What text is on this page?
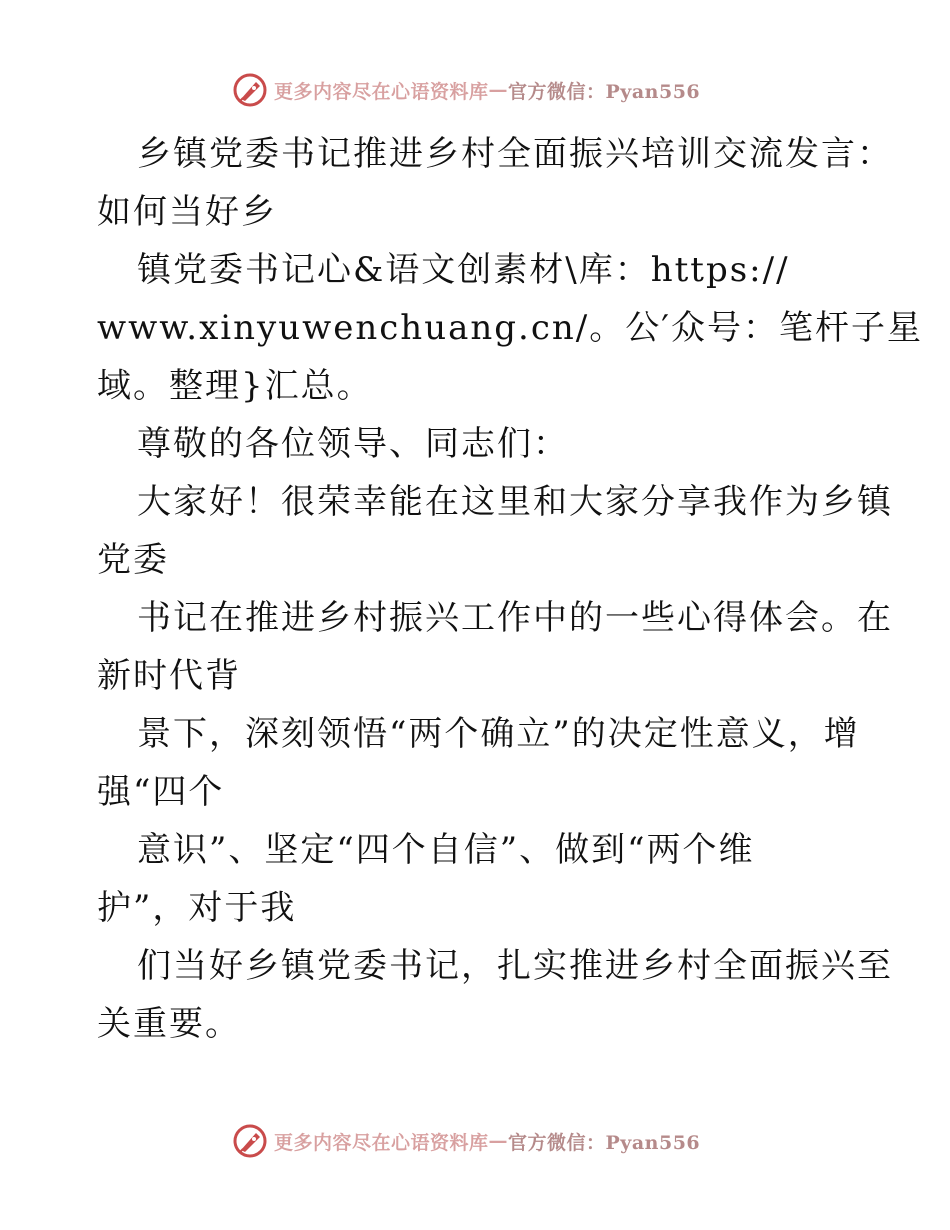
更多内容尽在心语资料库 — 官方微信：Pyan556
乡镇党委书记推进乡村全面振兴培训交流发言：
如何当好乡
镇党委书记心&语文创素材\库：https://
www.xinyuwenchuang.cn/。公′众号：笔杆子星
域。整理}汇总。
尊敬的各位领导、同志们：
大家好！很荣幸能在这里和大家分享我作为乡镇
党委
书记在推进乡村振兴工作中的一些心得体会。在
新时代背
景下，深刻领悟“两个确立”的决定性意义，增
强“四个
意识”、坚定“四个自信”、做到“两个维
护”，对于我
们当好乡镇党委书记，扎实推进乡村全面振兴至
关重要。
更多内容尽在心语资料库 — 官方微信：Pyan556
